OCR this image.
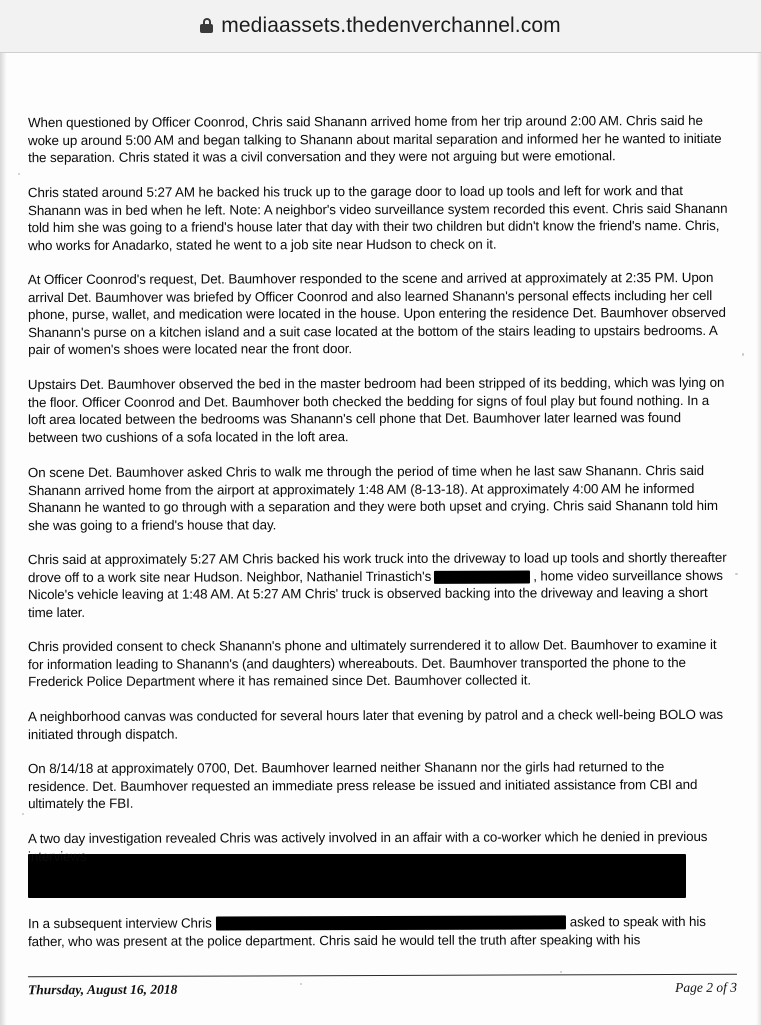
mediaassets.thedenverchannel.com

When questioned by Officer Coonrod, Chris said Shanann arrived home from her trip around 2:00 AM. Chris said he woke up around 5:00 AM and began talking to Shanann about marital separation and informed her he wanted to initiate the separation. Chris stated it was a civil conversation and they were not arguing but were emotional.

Chris stated around 5:27 AM he backed his truck up to the garage door to load up tools and left for work and that Shanann was in bed when he left. Note: A neighbor's video surveillance system recorded this event. Chris said Shanann told him she was going to a friend's house later that day with their two children but didn't know the friend's name. Chris, who works for Anadarko, stated he went to a job site near Hudson to check on it.

At Officer Coonrod's request, Det. Baumhover responded to the scene and arrived at approximately at 2:35 PM. Upon arrival Det. Baumhover was briefed by Officer Coonrod and also learned Shanann's personal effects including her cell phone, purse, wallet, and medication were located in the house. Upon entering the residence Det. Baumhover observed Shanann's purse on a kitchen island and a suit case located at the bottom of the stairs leading to upstairs bedrooms. A pair of women's shoes were located near the front door.

Upstairs Det. Baumhover observed the bed in the master bedroom had been stripped of its bedding, which was lying on the floor. Officer Coonrod and Det. Baumhover both checked the bedding for signs of foul play but found nothing. In a loft area located between the bedrooms was Shanann's cell phone that Det. Baumhover later learned was found between two cushions of a sofa located in the loft area.

On scene Det. Baumhover asked Chris to walk me through the period of time when he last saw Shanann. Chris said Shanann arrived home from the airport at approximately 1:48 AM (8-13-18). At approximately 4:00 AM he informed Shanann he wanted to go through with a separation and they were both upset and crying. Chris said Shanann told him she was going to a friend's house that day.

Chris said at approximately 5:27 AM Chris backed his work truck into the driveway to load up tools and shortly thereafter drove off to a work site near Hudson. Neighbor, Nathaniel Trinastich's	, home video surveillance shows Nicole's vehicle leaving at 1:48 AM. At 5:27 AM Chris' truck is observed backing into the driveway and leaving a short time later.

Chris provided consent to check Shanann's phone and ultimately surrendered it to allow Det. Baumhover to examine it for information leading to Shanann's (and daughters) whereabouts. Det. Baumhover transported the phone to the Frederick Police Department where it has remained since Det. Baumhover collected it.

A neighborhood canvas was conducted for several hours later that evening by patrol and a check well-being BOLO was initiated through dispatch.

On 8/14/18 at approximately 0700, Det. Baumhover learned neither Shanann nor the girls had returned to the residence. Det. Baumhover requested an immediate press release be issued and initiated assistance from CBI and ultimately the FBI.

A two day investigation revealed Chris was actively involved in an affair with a co-worker which he denied in previous interviews

In a subsequent interview Chris	asked to speak with his father, who was present at the police department. Chris said he would tell the truth after speaking with his

Thursday, August 16, 2018	Page 2 of 3
